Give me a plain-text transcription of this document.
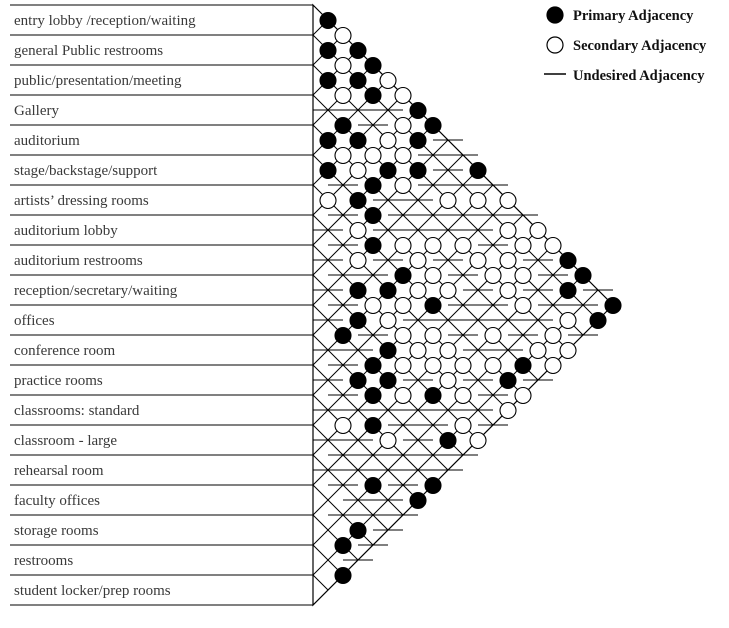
entry lobby /reception/waiting
general Public restrooms
public/presentation/meeting
Gallery
auditorium
stage/backstage/support
artists’ dressing rooms
auditorium lobby
auditorium restrooms
reception/secretary/waiting
offices
conference room
practice rooms
classrooms: standard
classroom - large
rehearsal room
faculty offices
storage rooms
restrooms
student locker/prep rooms
Primary Adjacency
Secondary Adjacency
Undesired Adjacency
